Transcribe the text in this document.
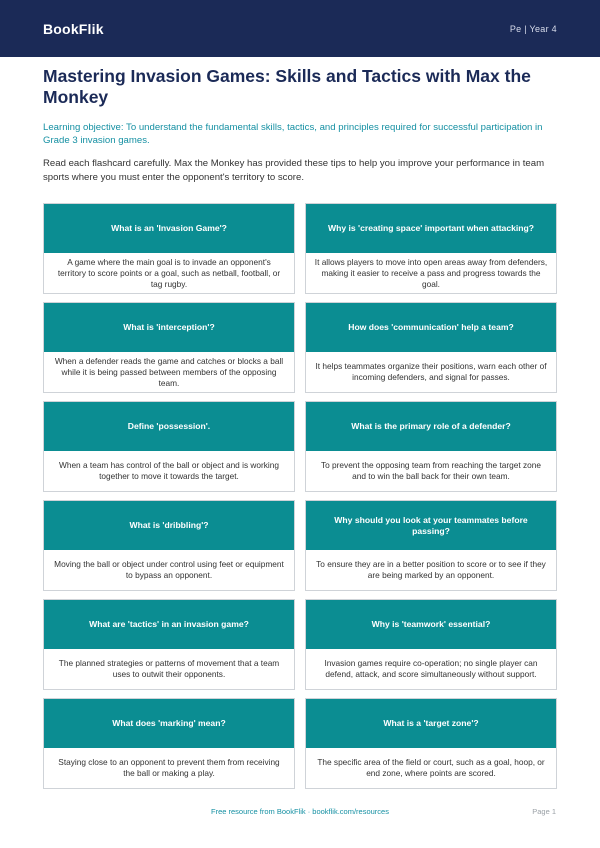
BookFlik	Pe | Year 4
Mastering Invasion Games: Skills and Tactics with Max the Monkey

Learning objective: To understand the fundamental skills, tactics, and principles required for successful participation in Grade 3 invasion games.

Read each flashcard carefully. Max the Monkey has provided these tips to help you improve your performance in team sports where you must enter the opponent's territory to score.

What is an 'Invasion Game'?
A game where the main goal is to invade an opponent's territory to score points or a goal, such as netball, football, or tag rugby.
Why is 'creating space' important when attacking?
It allows players to move into open areas away from defenders, making it easier to receive a pass and progress towards the goal.
What is 'interception'?
When a defender reads the game and catches or blocks a ball while it is being passed between members of the opposing team.
How does 'communication' help a team?
It helps teammates organize their positions, warn each other of incoming defenders, and signal for passes.
Define 'possession'.
When a team has control of the ball or object and is working together to move it towards the target.
What is the primary role of a defender?
To prevent the opposing team from reaching the target zone and to win the ball back for their own team.
What is 'dribbling'?
Moving the ball or object under control using feet or equipment to bypass an opponent.
Why should you look at your teammates before passing?
To ensure they are in a better position to score or to see if they are being marked by an opponent.
What are 'tactics' in an invasion game?
The planned strategies or patterns of movement that a team uses to outwit their opponents.
Why is 'teamwork' essential?
Invasion games require co-operation; no single player can defend, attack, and score simultaneously without support.
What does 'marking' mean?
Staying close to an opponent to prevent them from receiving the ball or making a play.
What is a 'target zone'?
The specific area of the field or court, such as a goal, hoop, or end zone, where points are scored.
Free resource from BookFlik · bookflik.com/resources	Page 1
